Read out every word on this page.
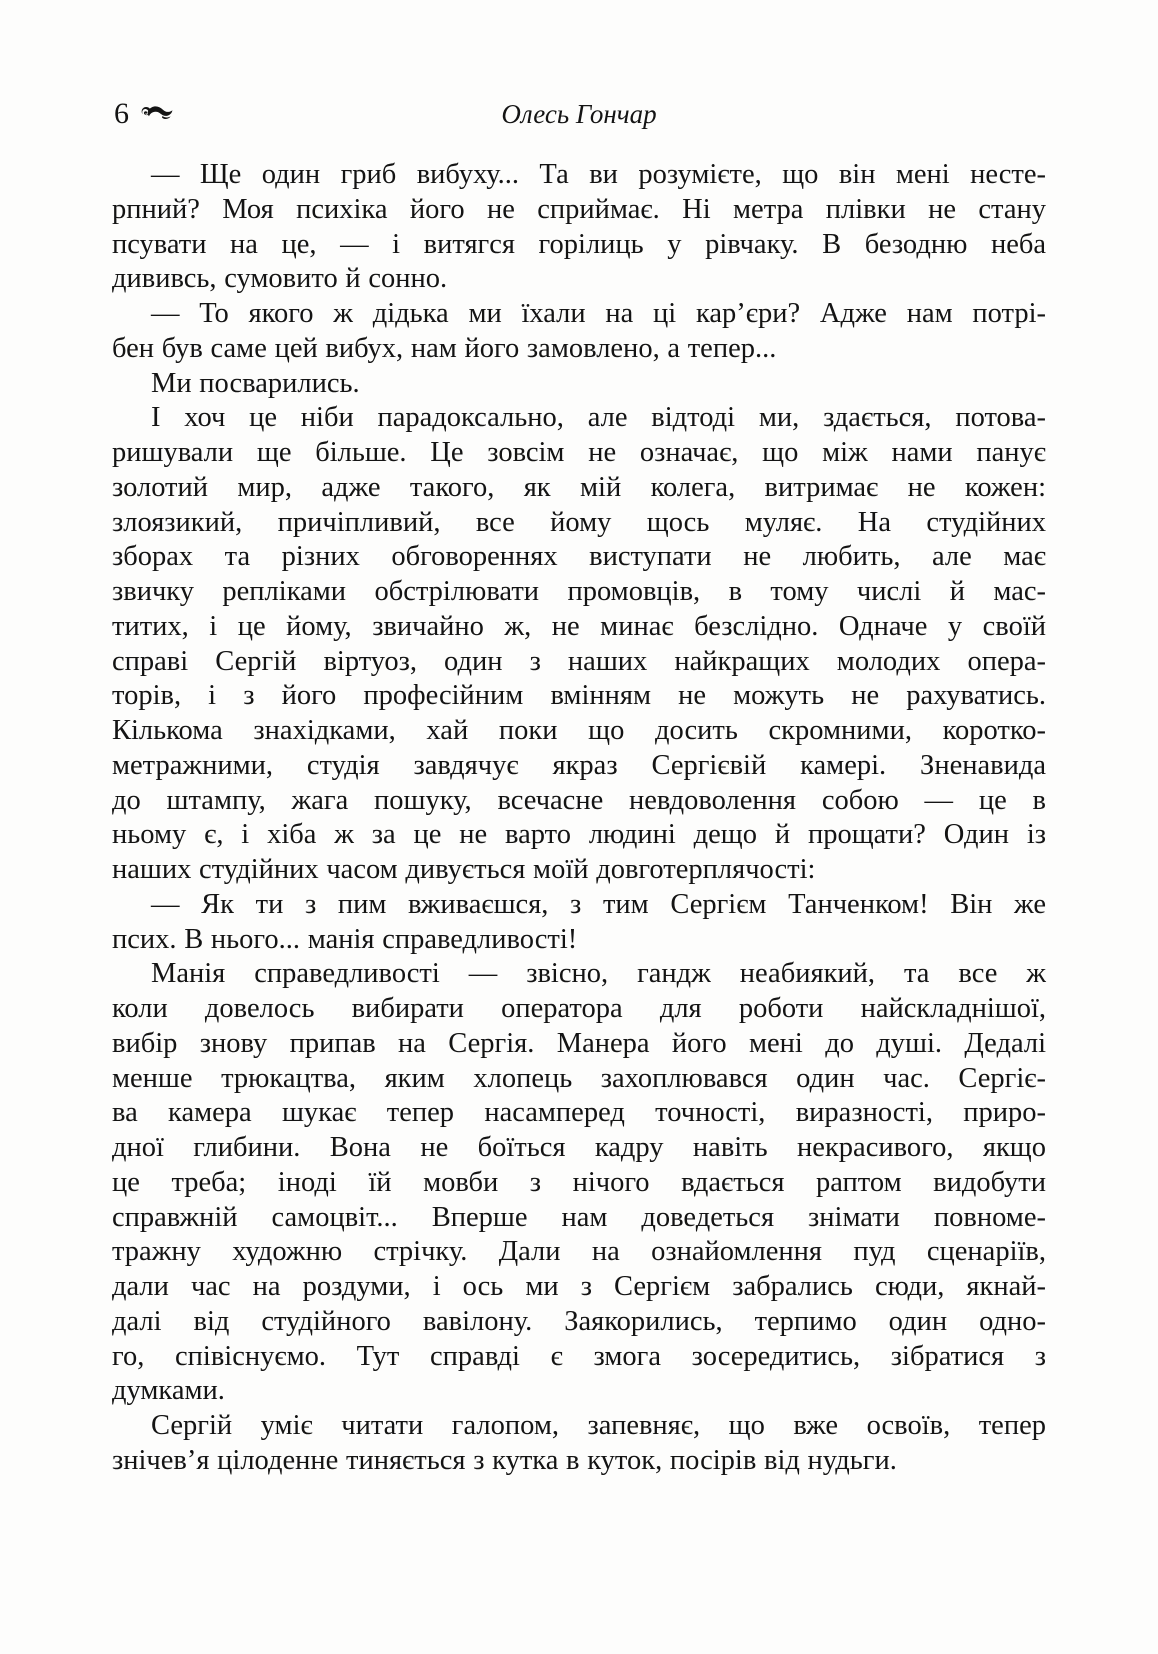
6	Олесь Гончар
— Ще один гриб вибуху... Та ви розумієте, що він мені несте-
рпний? Моя психіка його не сприймає. Ні метра плівки не стану
псувати на це, — і витягся горілиць у рівчаку. В безодню неба
дививсь, сумовито й сонно.
— То якого ж дідька ми їхали на ці кар’єри? Адже нам потрі-
бен був саме цей вибух, нам його замовлено, а тепер...
Ми посварились.
І хоч це ніби парадоксально, але відтоді ми, здається, потова-
ришували ще більше. Це зовсім не означає, що між нами панує
золотий мир, адже такого, як мій колега, витримає не кожен:
злоязикий, причіпливий, все йому щось муляє. На студійних
зборах та різних обговореннях виступати не любить, але має
звичку репліками обстрілювати промовців, в тому числі й мас-
титих, і це йому, звичайно ж, не минає безслідно. Одначе у своїй
справі Сергій віртуоз, один з наших найкращих молодих опера-
торів, і з його професійним вмінням не можуть не рахуватись.
Кількома знахідками, хай поки що досить скромними, коротко-
метражними, студія завдячує якраз Сергієвій камері. Зненавида
до штампу, жага пошуку, всечасне невдоволення собою — це в
ньому є, і хіба ж за це не варто людині дещо й прощати? Один із
наших студійних часом дивується моїй довготерплячості:
— Як ти з пим вживаєшся, з тим Сергієм Танченком! Він же
псих. В нього... манія справедливості!
Манія справедливості — звісно, гандж неабиякий, та все ж
коли довелось вибирати оператора для роботи найскладнішої,
вибір знову припав на Сергія. Манера його мені до душі. Дедалі
менше трюкацтва, яким хлопець захоплювався один час. Сергіє-
ва камера шукає тепер насамперед точності, виразності, приро-
дної глибини. Вона не боїться кадру навіть некрасивого, якщо
це треба; іноді їй мовби з нічого вдається раптом видобути
справжній самоцвіт... Вперше нам доведеться знімати повноме-
тражну художню стрічку. Дали на ознайомлення пуд сценаріїв,
дали час на роздуми, і ось ми з Сергієм забрались сюди, якнай-
далі від студійного вавілону. Заякорились, терпимо один одно-
го, співіснуємо. Тут справді є змога зосередитись, зібратися з
думками.
Сергій уміє читати галопом, запевняє, що вже освоїв, тепер
знічев’я цілоденне тиняється з кутка в куток, посірів від нудьги.
